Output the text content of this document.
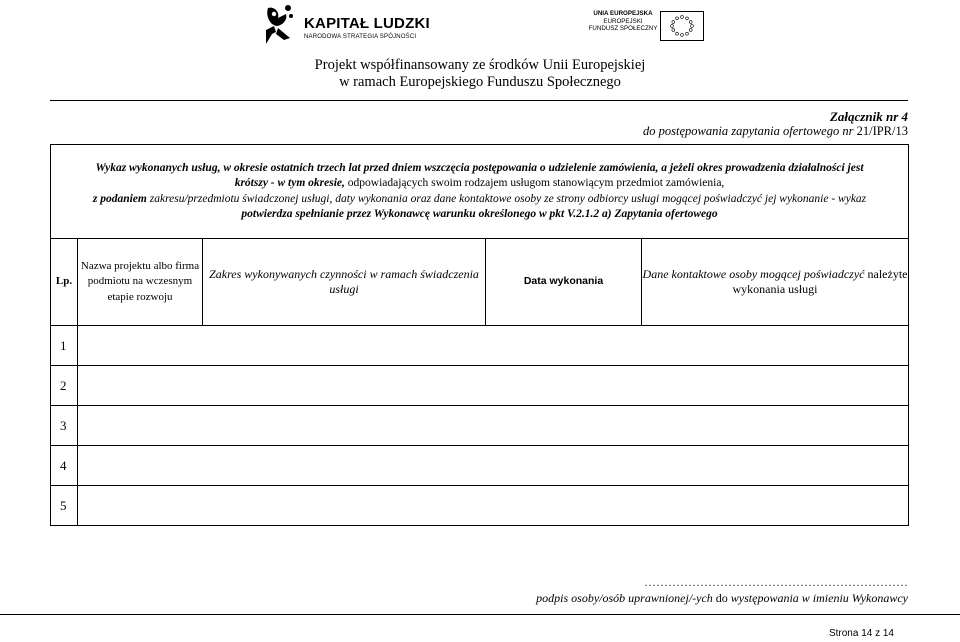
KAPITAŁ LUDZKI
NARODOWA STRATEGIA SPÓJNOŚCI
UNIA EUROPEJSKA
EUROPEJSKI
FUNDUSZ SPOŁECZNY
Projekt współfinansowany ze środków Unii Europejskiej
w ramach Europejskiego Funduszu Społecznego
Załącznik nr 4
do postępowania zapytania ofertowego nr 21/IPR/13
Wykaz wykonanych usług, w okresie ostatnich trzech lat przed dniem wszczęcia postępowania o udzielenie zamówienia, a jeżeli okres prowadzenia działalności jest
krótszy - w tym okresie, odpowiadających swoim rodzajem usługom stanowiącym przedmiot zamówienia,
z podaniem zakresu/przedmiotu świadczonej usługi, daty wykonania oraz dane kontaktowe osoby ze strony odbiorcy usługi mogącej poświadczyć jej wykonanie - wykaz
potwierdza spełnianie przez Wykonawcę warunku określonego w pkt V.2.1.2 a) Zapytania ofertowego				
Lp.	Nazwa projektu albo firma podmiotu na wczesnym etapie rozwoju	Zakres wykonywanych czynności w ramach świadczenia usługi	Data wykonania	Dane kontaktowe osoby mogącej poświadczyć należyte wykonania usługi
1				
2				
3				
4				
5				
…………………………………………………………
podpis osoby/osób uprawnionej/-ych do występowania w imieniu Wykonawcy
Strona 14 z 14
